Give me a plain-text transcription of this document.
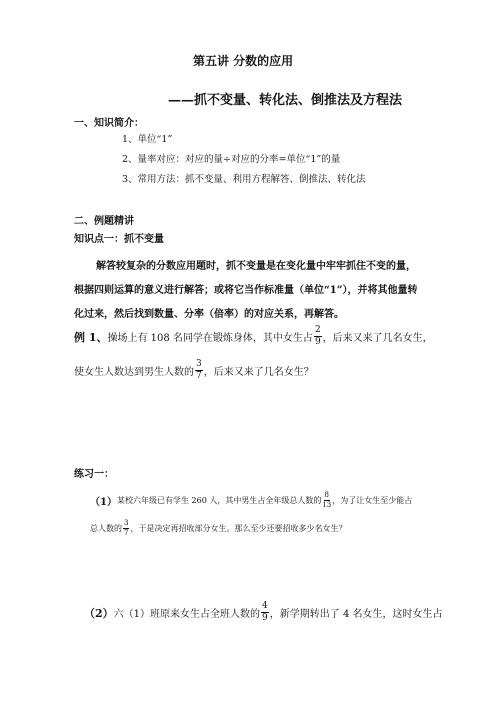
第五讲 分数的应用
——抓不变量、转化法、倒推法及方程法
一、知识简介：
1、单位“1”
2、量率对应：对应的量÷对应的分率=单位“1”的量
3、常用方法：抓不变量、利用方程解答、倒推法、转化法
二、例题精讲
知识点一：抓不变量
解答较复杂的分数应用题时，抓不变量是在变化量中牢牢抓住不变的量，
根据四则运算的意义进行解答；或将它当作标准量（单位“1”），并将其他量转
化过来，然后找到数量、分率（倍率）的对应关系，再解答。
例 1、 操场上有 108 名同学在锻炼身体，其中女生占 $\frac{2}{9}$ ，后来又来了几名女生，
使女生人数达到男生人数的 $\frac{3}{7}$ ，后来又来了几名女生？
练习一：
（1） 某校六年级已有学生 260 人，其中男生占全年级总人数的 $\frac{8}{13}$ ，为了让女生至少能占
总人数的 $\frac{3}{7}$ ，于是决定再招收部分女生。那么至少还要招收多少名女生？
（2） 六（1）班原来女生占全班人数的 $\frac{4}{9}$ ，新学期转出了 4 名女生，这时女生占
